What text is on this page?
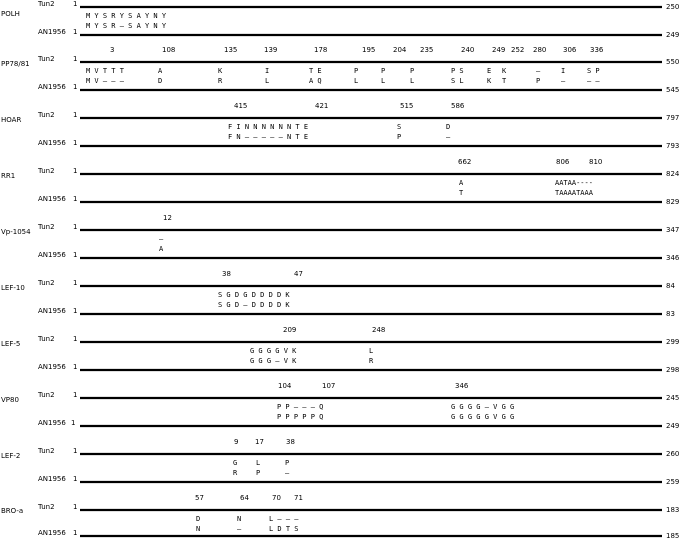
POLH
Tun2	1	250
AN1956 1	249
M Y S R Y S A Y N Y
M Y S R – S A Y N Y
PP78/81
Tun2	1	550
AN1956 1	545
3	108	135	139	178	195	204 235	240	249 252 280 306 336
M V T T T	A	K	I	T E	P	P	P	P S	E K	–	I	S P
M V – – –	D	R	L	A Q	L	L	L	S L	K T	P	–	– –
HOAR
Tun2	1	797
AN1956 1	793
415	421	515	586
F I N N N N N N T E	S	D
F N – – – – – N T E	P	–
RR1
Tun2	1	824
AN1956 1	829
662	806	810
A	AATAA----
T	TAAAATAAA
Vp-1054
Tun2	1	347
AN1956 1	346
12
–
A
LEF-10
Tun2	1	84
AN1956 1	83
38	47
S G D G D D D D K
S G D – D D D D K
LEF-5
Tun2	1	299
AN1956 1	298
209	248
G G G G V K	L
G G G – V K	R
VP80
Tun2	1	245
AN1956 1	249
104	107	346
P P – – – Q	G G G G – V G G
P P P P P Q	G G G G G V G G
LEF-2
Tun2	1	260
AN1956 1	259
9 17	38
G	L	P
R	P	–
BRO-a Tun2	1	183
AN1956 1	185
57	64	70 71
D	N	L – – –
N	–	L D T S
